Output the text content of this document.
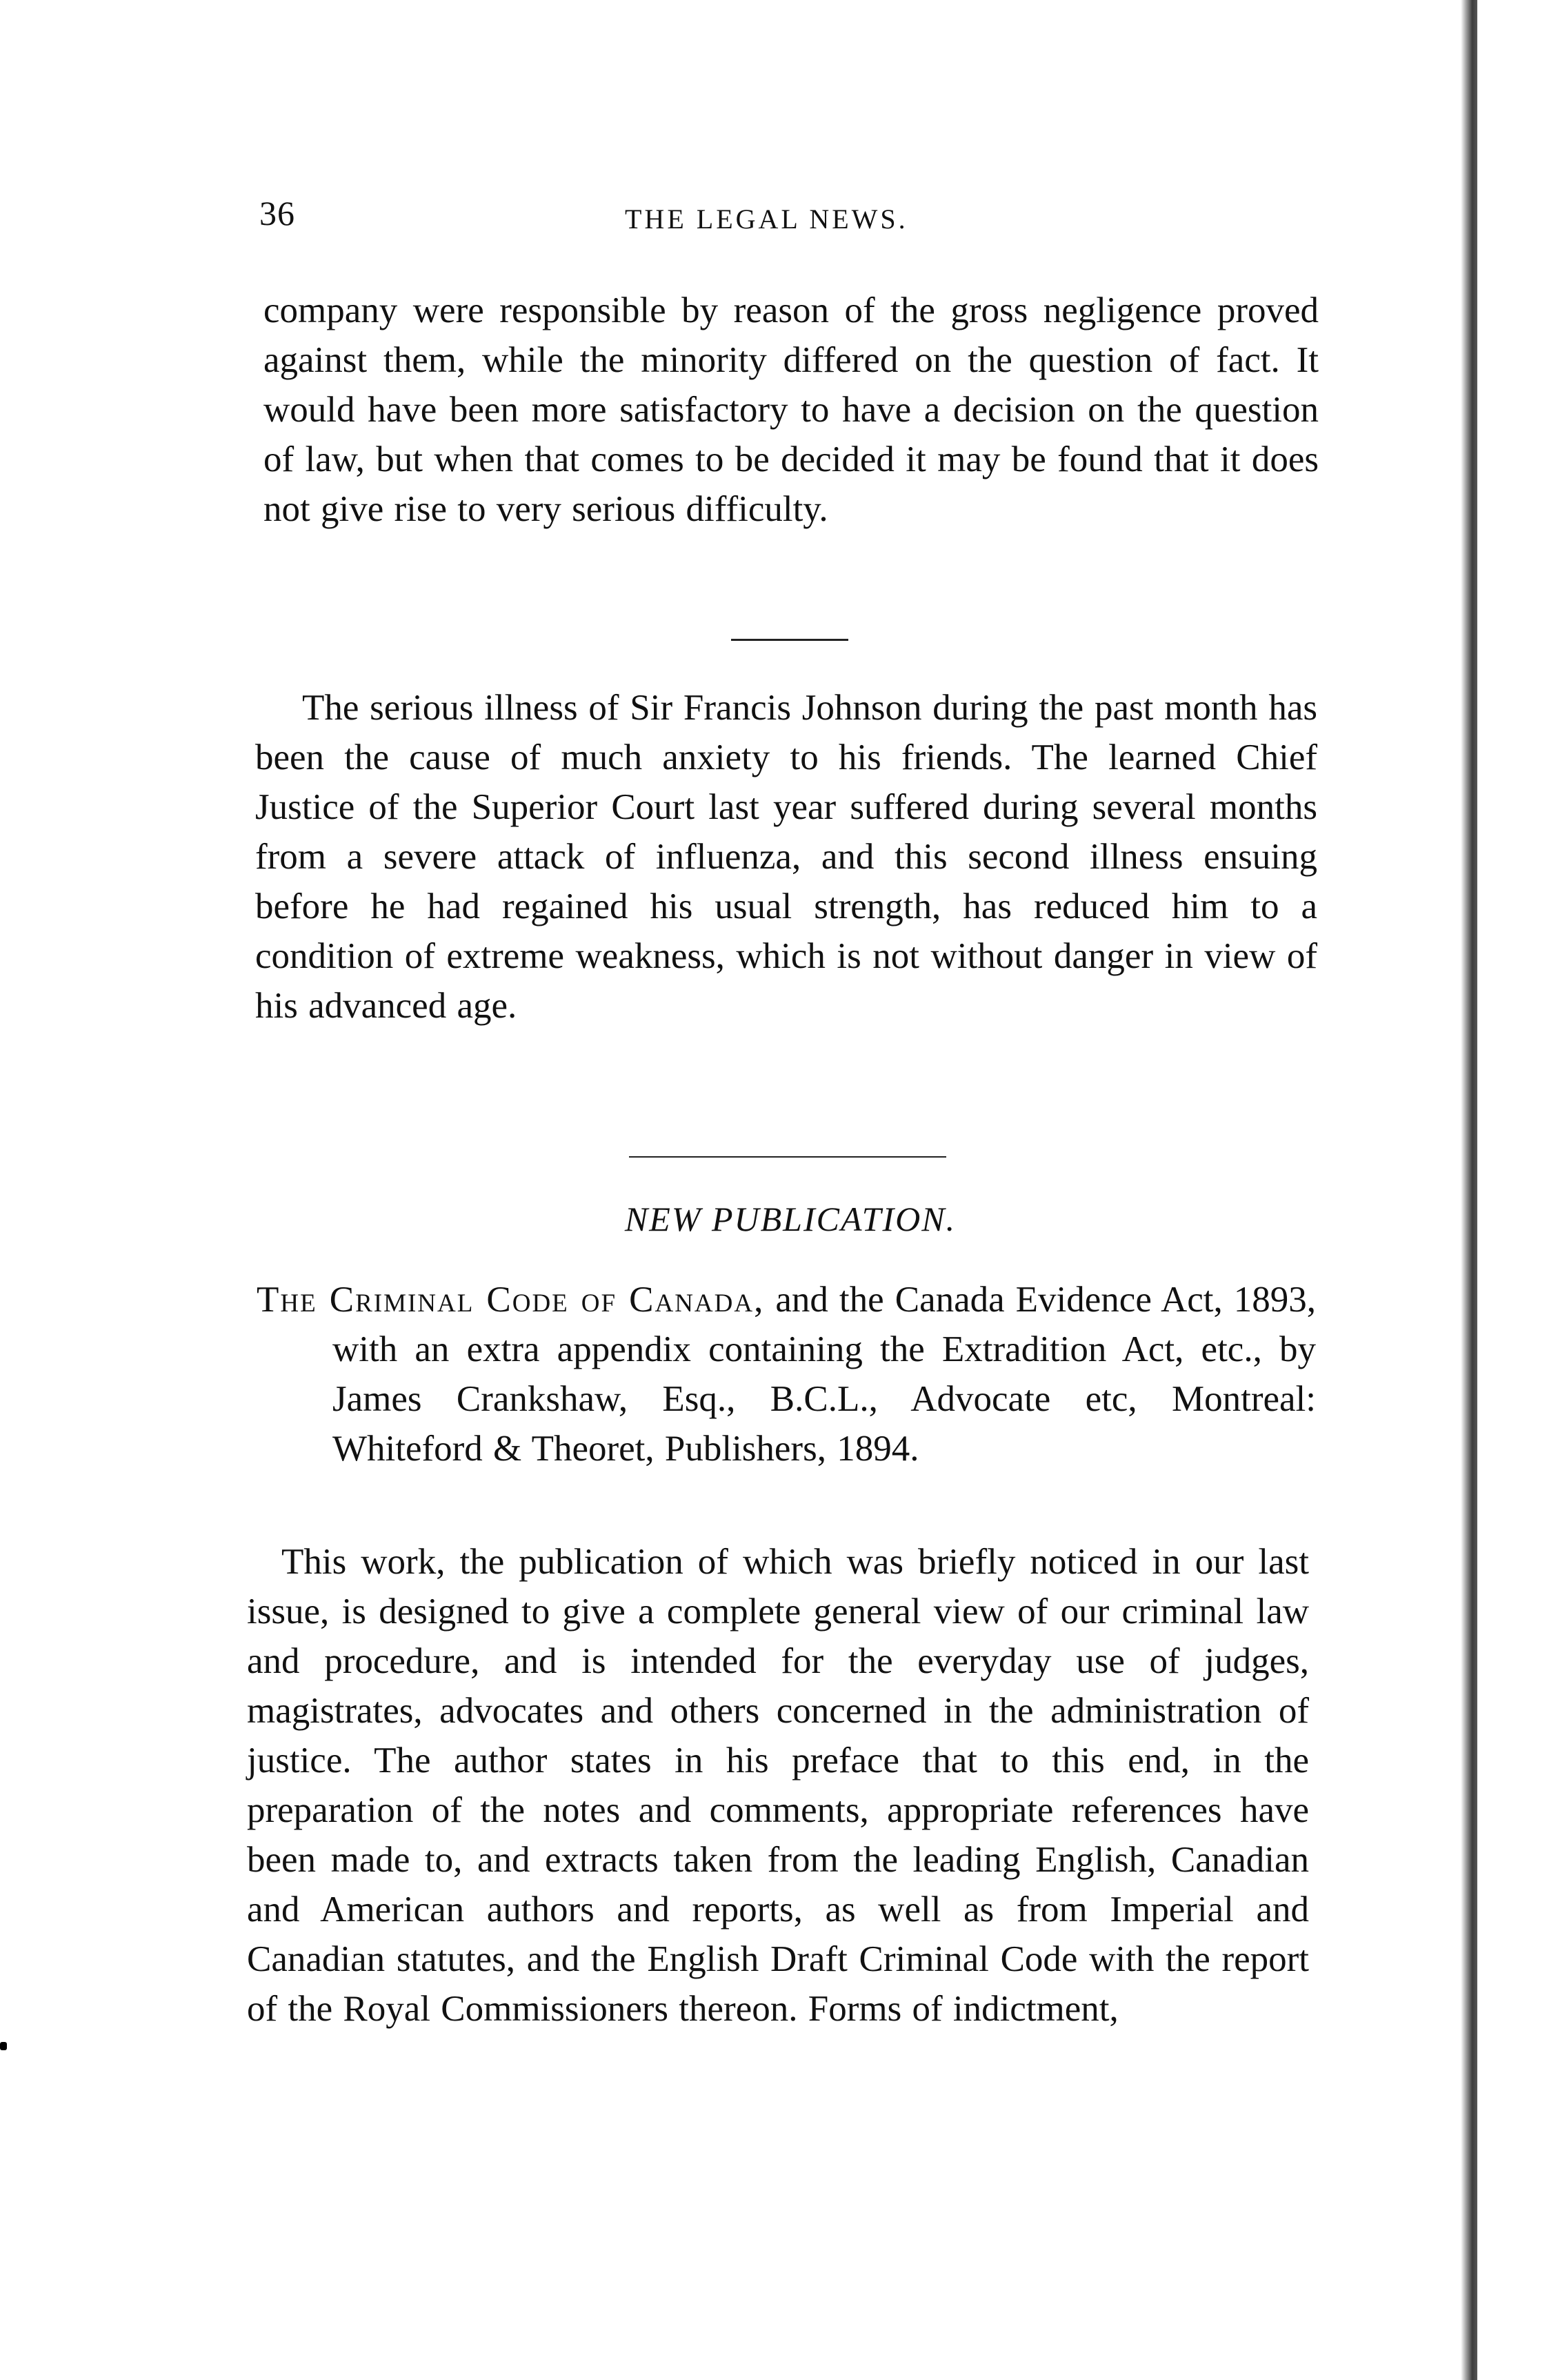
36	THE LEGAL NEWS.
company were responsible by reason of the gross negligence proved against them, while the minority differed on the question of fact. It would have been more satisfactory to have a decision on the question of law, but when that comes to be decided it may be found that it does not give rise to very serious difficulty.
The serious illness of Sir Francis Johnson during the past month has been the cause of much anxiety to his friends. The learned Chief Justice of the Superior Court last year suffered during several months from a severe attack of influenza, and this second illness ensuing before he had regained his usual strength, has reduced him to a condition of extreme weakness, which is not without danger in view of his advanced age.
NEW PUBLICATION.
The Criminal Code of Canada, and the Canada Evidence Act, 1893, with an extra appendix containing the Extradition Act, etc., by James Crankshaw, Esq., B.C.L., Advocate etc, Montreal: Whiteford & Theoret, Publishers, 1894.
This work, the publication of which was briefly noticed in our last issue, is designed to give a complete general view of our criminal law and procedure, and is intended for the everyday use of judges, magistrates, advocates and others concerned in the administration of justice. The author states in his preface that to this end, in the preparation of the notes and comments, appropriate references have been made to, and extracts taken from the leading English, Canadian and American authors and reports, as well as from Imperial and Canadian statutes, and the English Draft Criminal Code with the report of the Royal Commissioners thereon. Forms of indictment,
